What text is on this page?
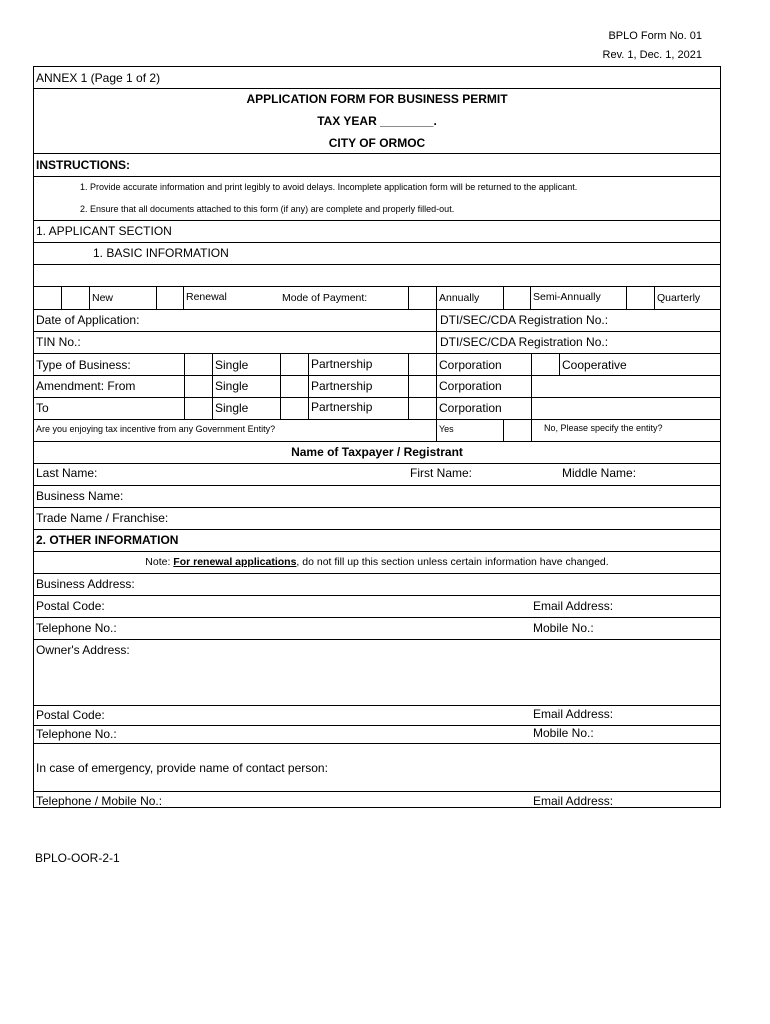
BPLO Form No. 01
Rev. 1, Dec. 1, 2021
ANNEX 1 (Page 1 of 2)
APPLICATION FORM FOR BUSINESS PERMIT
TAX YEAR ________.
CITY OF ORMOC
INSTRUCTIONS:
1. Provide accurate information and print legibly to avoid delays. Incomplete application form will be returned to the applicant.
2. Ensure that all documents attached to this form (if any) are complete and properly filled-out.
1. APPLICANT SECTION
1. BASIC INFORMATION
New	Renewal	Mode of Payment:	Annually	Semi-Annually	Quarterly
Date of Application:	DTI/SEC/CDA Registration No.:
TIN No.:	DTI/SEC/CDA Registration No.:
Type of Business:	Single	Partnership	Corporation	Cooperative
Amendment: From	Single	Partnership	Corporation
To	Single	Partnership	Corporation
Are you enjoying tax incentive from any Government Entity?	Yes	No, Please specify the entity?
Name of Taxpayer / Registrant
Last Name:	First Name:	Middle Name:
Business Name:
Trade Name / Franchise:
2. OTHER INFORMATION
Note: For renewal applications, do not fill up this section unless certain information have changed.
Business Address:
Postal Code:	Email Address:
Telephone No.:	Mobile No.:
Owner's Address:
Postal Code:	Email Address:
Telephone No.:	Mobile No.:
In case of emergency, provide name of contact person:
Telephone / Mobile No.:	Email Address:
BPLO-OOR-2-1
